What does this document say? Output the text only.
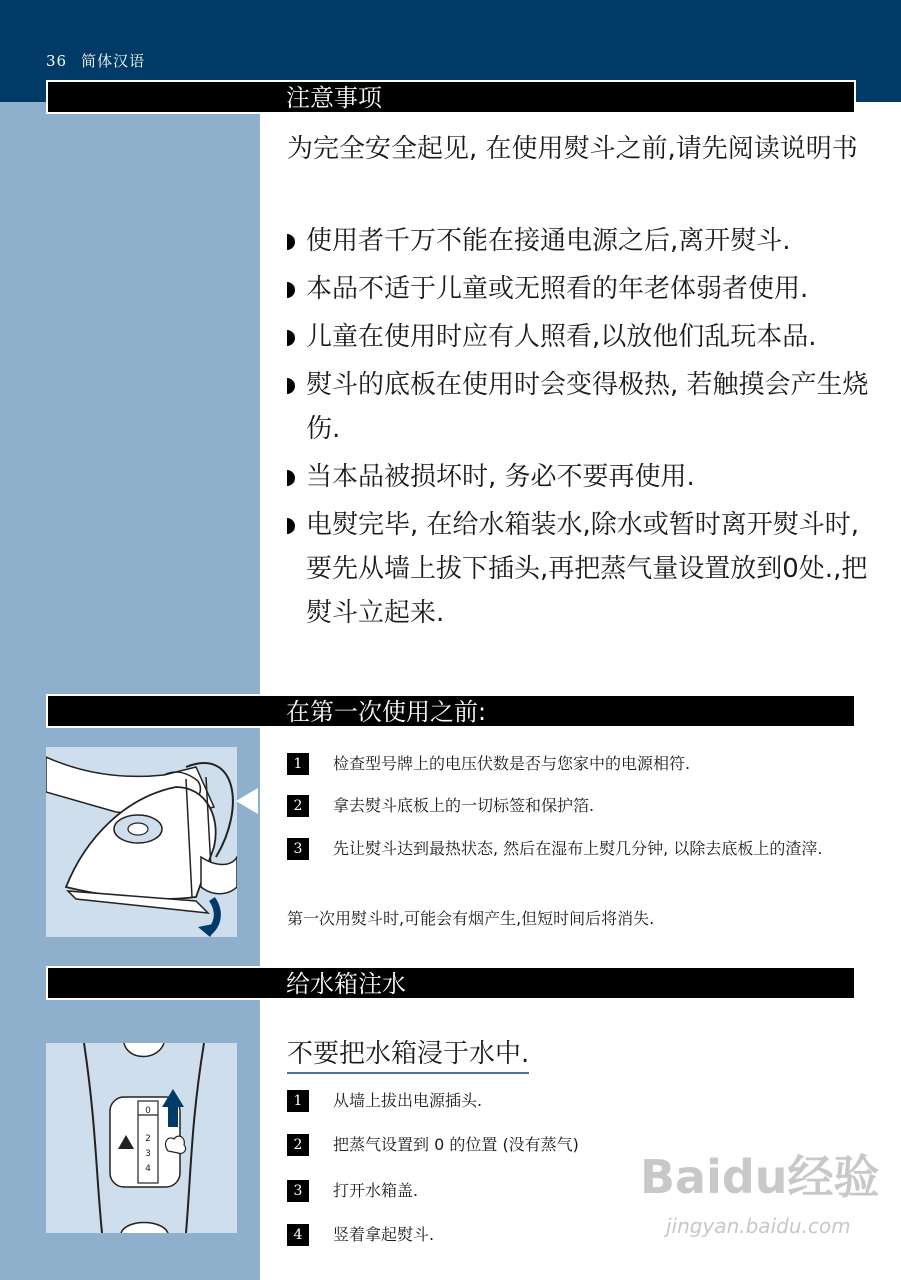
36 简体汉语
注意事项
为完全安全起见, 在使用熨斗之前,请先阅读说明书
使用者千万不能在接通电源之后,离开熨斗.
本品不适于儿童或无照看的年老体弱者使用.
儿童在使用时应有人照看,以放他们乱玩本品.
熨斗的底板在使用时会变得极热, 若触摸会产生烧伤.
当本品被损坏时, 务必不要再使用.
电熨完毕, 在给水箱装水,除水或暂时离开熨斗时, 要先从墙上拔下插头,再把蒸气量设置放到0处.,把熨斗立起来.
在第一次使用之前:
1	检查型号牌上的电压伏数是否与您家中的电源相符.
2	拿去熨斗底板上的一切标签和保护箔.
3	先让熨斗达到最热状态, 然后在湿布上熨几分钟, 以除去底板上的渣滓.
第一次用熨斗时,可能会有烟产生,但短时间后将消失.
给水箱注水
不要把水箱浸于水中.
0
2
3
4
1	从墙上拔出电源插头.
2	把蒸气设置到 0 的位置 (没有蒸气)
3	打开水箱盖.
4	竖着拿起熨斗.
Baidu经验
jingyan.baidu.com
